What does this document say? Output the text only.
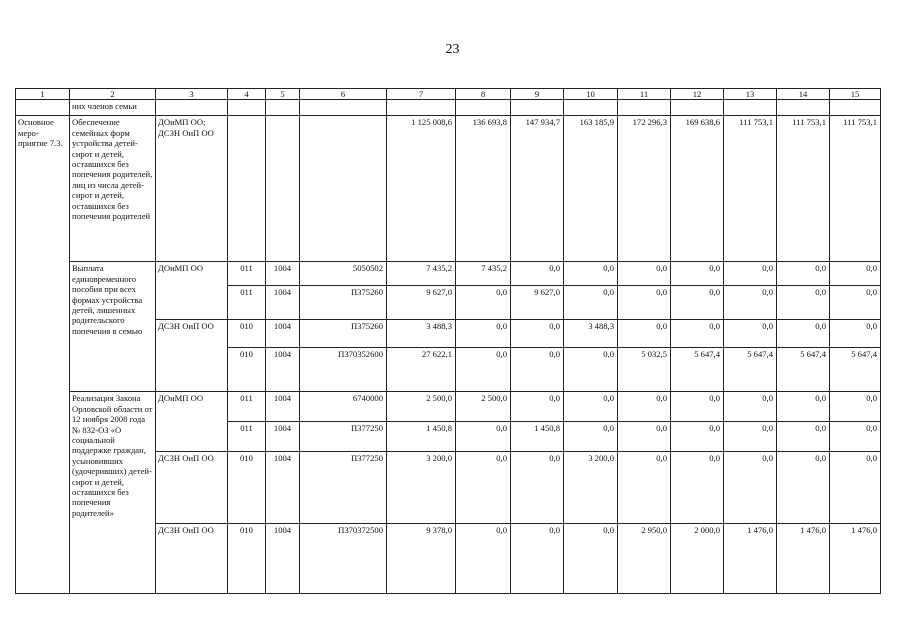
23
1	2	3	4	5	6	7	8	9	10	11	12	13	14	15
	них членов семьи													
Основное меро-приятие 7.3.	Обеспечение семейных форм устройства детей-сирот и детей, оставшихся без попечения родителей, лиц из числа детей-сирот и детей, оставшихся без попечения родителей	ДОиМП ОО; ДСЗН ОиП ОО				1 125 008,6	136 693,8	147 934,7	163 185,9	172 296,3	169 638,6	111 753,1	111 753,1	111 753,1
	Выплата единовременного пособия при всех формах устройства детей, лишенных родительского попечения в семью	ДОиМП ОО	011	1004	5050502	7 435,2	7 435,2	0,0	0,0	0,0	0,0	0,0	0,0	0,0
			011	1004	П375260	9 627,0	0,0	9 627,0	0,0	0,0	0,0	0,0	0,0	0,0
		ДСЗН ОиП ОО	010	1004	П375260	3 488,3	0,0	0,0	3 488,3	0,0	0,0	0,0	0,0	0,0
			010	1004	П370352600	27 622,1	0,0	0,0	0,0	5 032,5	5 647,4	5 647,4	5 647,4	5 647,4
	Реализация Закона Орловской области от 12 ноября 2008 года № 832-ОЗ «О социальной поддержке граждан, усыновивших (удочеривших) детей-сирот и детей, оставшихся без попечения родителей»	ДОиМП ОО	011	1004	6740000	2 500,0	2 500,0	0,0	0,0	0,0	0,0	0,0	0,0	0,0
			011	1004	П377250	1 450,8	0,0	1 450,8	0,0	0,0	0,0	0,0	0,0	0,0
		ДСЗН ОиП ОО	010	1004	П377250	3 200,0	0,0	0,0	3 200,0	0,0	0,0	0,0	0,0	0,0
		ДСЗН ОиП ОО	010	1004	П370372500	9 378,0	0,0	0,0	0,0	2 950,0	2 000,0	1 476,0	1 476,0	1 476,0
